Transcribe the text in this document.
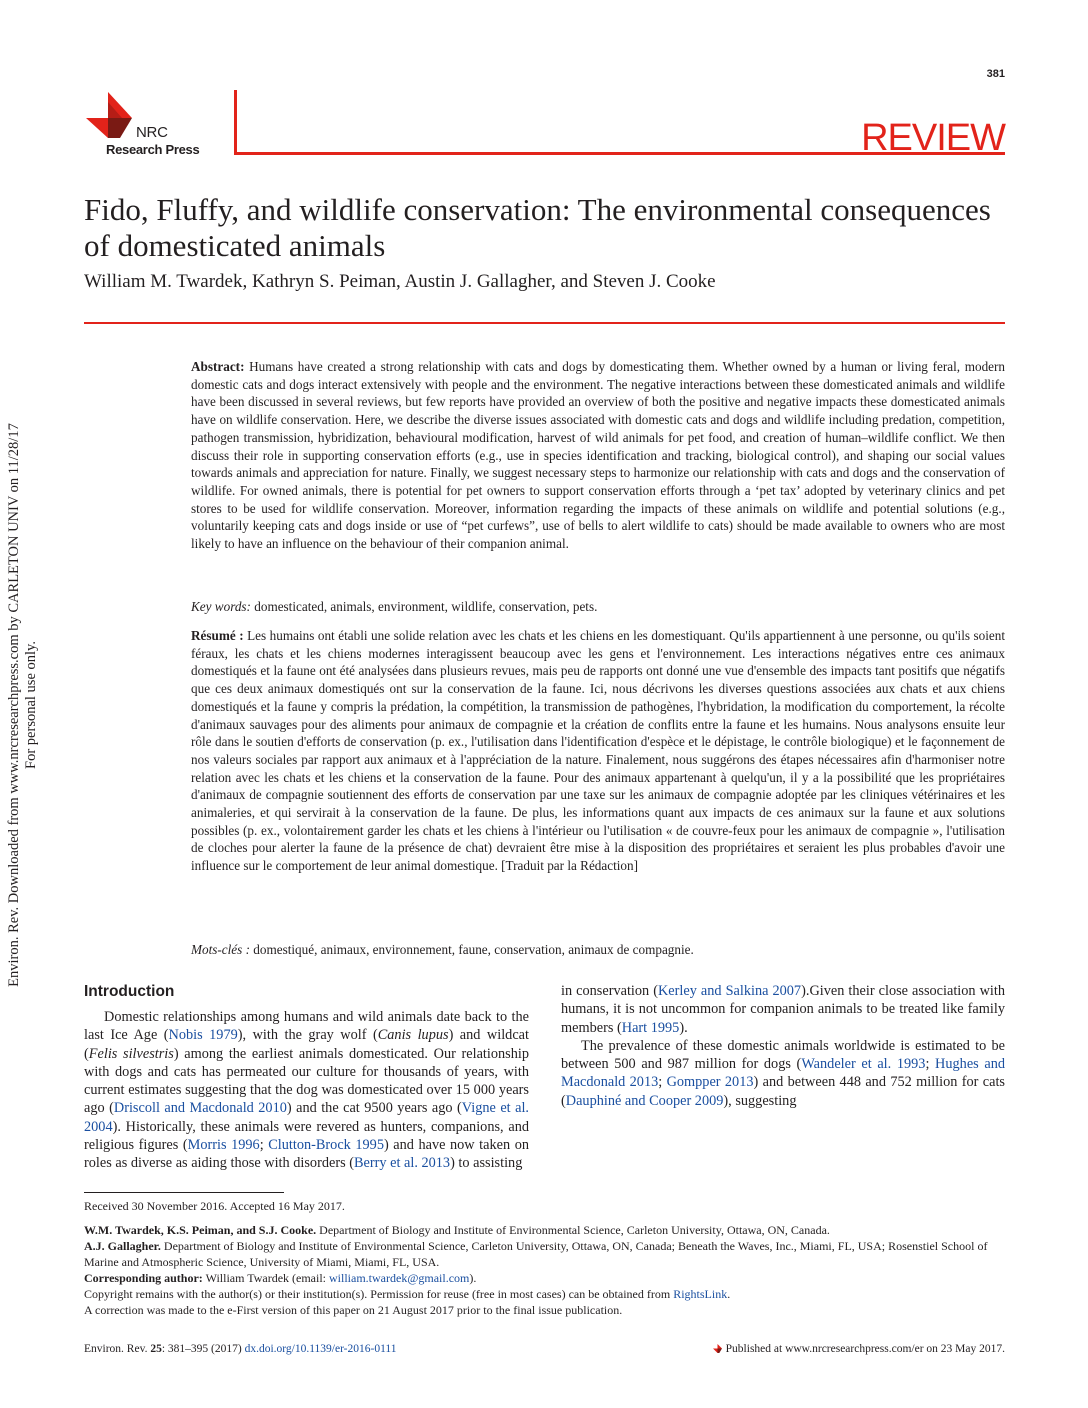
381
NRC
Research Press	REVIEW
Fido, Fluffy, and wildlife conservation: The environmental consequences of domesticated animals
William M. Twardek, Kathryn S. Peiman, Austin J. Gallagher, and Steven J. Cooke
Abstract: Humans have created a strong relationship with cats and dogs by domesticating them. Whether owned by a human or living feral, modern domestic cats and dogs interact extensively with people and the environment. The negative interactions between these domesticated animals and wildlife have been discussed in several reviews, but few reports have provided an overview of both the positive and negative impacts these domesticated animals have on wildlife conservation. Here, we describe the diverse issues associated with domestic cats and dogs and wildlife including predation, competition, pathogen transmission, hybridization, behavioural modification, harvest of wild animals for pet food, and creation of human–wildlife conflict. We then discuss their role in supporting conservation efforts (e.g., use in species identification and tracking, biological control), and shaping our social values towards animals and appreciation for nature. Finally, we suggest necessary steps to harmonize our relationship with cats and dogs and the conservation of wildlife. For owned animals, there is potential for pet owners to support conservation efforts through a ‘pet tax’ adopted by veterinary clinics and pet stores to be used for wildlife conservation. Moreover, information regarding the impacts of these animals on wildlife and potential solutions (e.g., voluntarily keeping cats and dogs inside or use of “pet curfews”, use of bells to alert wildlife to cats) should be made available to owners who are most likely to have an influence on the behaviour of their companion animal.
Key words: domesticated, animals, environment, wildlife, conservation, pets.
Résumé : Les humains ont établi une solide relation avec les chats et les chiens en les domestiquant. Qu'ils appartiennent à une personne, ou qu'ils soient féraux, les chats et les chiens modernes interagissent beaucoup avec les gens et l'environnement. Les interactions négatives entre ces animaux domestiqués et la faune ont été analysées dans plusieurs revues, mais peu de rapports ont donné une vue d'ensemble des impacts tant positifs que négatifs que ces deux animaux domestiqués ont sur la conservation de la faune. Ici, nous décrivons les diverses questions associées aux chats et aux chiens domestiqués et la faune y compris la prédation, la compétition, la transmission de pathogènes, l'hybridation, la modification du comportement, la récolte d'animaux sauvages pour des aliments pour animaux de compagnie et la création de conflits entre la faune et les humains. Nous analysons ensuite leur rôle dans le soutien d'efforts de conservation (p. ex., l'utilisation dans l'identification d'espèce et le dépistage, le contrôle biologique) et le façonnement de nos valeurs sociales par rapport aux animaux et à l'appréciation de la nature. Finalement, nous suggérons des étapes nécessaires afin d'harmoniser notre relation avec les chats et les chiens et la conservation de la faune. Pour des animaux appartenant à quelqu'un, il y a la possibilité que les propriétaires d'animaux de compagnie soutiennent des efforts de conservation par une taxe sur les animaux de compagnie adoptée par les cliniques vétérinaires et les animaleries, et qui servirait à la conservation de la faune. De plus, les informations quant aux impacts de ces animaux sur la faune et aux solutions possibles (p. ex., volontairement garder les chats et les chiens à l'intérieur ou l'utilisation « de couvre-feux pour les animaux de compagnie », l'utilisation de cloches pour alerter la faune de la présence de chat) devraient être mise à la disposition des propriétaires et seraient les plus probables d'avoir une influence sur le comportement de leur animal domestique. [Traduit par la Rédaction]
Mots-clés : domestiqué, animaux, environnement, faune, conservation, animaux de compagnie.
Introduction

Domestic relationships among humans and wild animals date back to the last Ice Age (Nobis 1979), with the gray wolf (Canis lupus) and wildcat (Felis silvestris) among the earliest animals domesticated. Our relationship with dogs and cats has permeated our culture for thousands of years, with current estimates suggesting that the dog was domesticated over 15 000 years ago (Driscoll and Macdonald 2010) and the cat 9500 years ago (Vigne et al. 2004). Historically, these animals were revered as hunters, companions, and religious figures (Morris 1996; Clutton-Brock 1995) and have now taken on roles as diverse as aiding those with disorders (Berry et al. 2013) to assisting

in conservation (Kerley and Salkina 2007).Given their close association with humans, it is not uncommon for companion animals to be treated like family members (Hart 1995).

The prevalence of these domestic animals worldwide is estimated to be between 500 and 987 million for dogs (Wandeler et al. 1993; Hughes and Macdonald 2013; Gompper 2013) and between 448 and 752 million for cats (Dauphiné and Cooper 2009), suggesting

Received 30 November 2016. Accepted 16 May 2017.

W.M. Twardek, K.S. Peiman, and S.J. Cooke. Department of Biology and Institute of Environmental Science, Carleton University, Ottawa, ON, Canada.

A.J. Gallagher. Department of Biology and Institute of Environmental Science, Carleton University, Ottawa, ON, Canada; Beneath the Waves, Inc., Miami, FL, USA; Rosenstiel School of Marine and Atmospheric Science, University of Miami, Miami, FL, USA.

Corresponding author: William Twardek (email: william.twardek@gmail.com).

Copyright remains with the author(s) or their institution(s). Permission for reuse (free in most cases) can be obtained from RightsLink.

A correction was made to the e-First version of this paper on 21 August 2017 prior to the final issue publication.

Environ. Rev. 25: 381–395 (2017) dx.doi.org/10.1139/er-2016-0111	Published at www.nrcresearchpress.com/er on 23 May 2017.
Environ. Rev. Downloaded from www.nrcresearchpress.com by CARLETON UNIV on 11/28/17 For personal use only.
